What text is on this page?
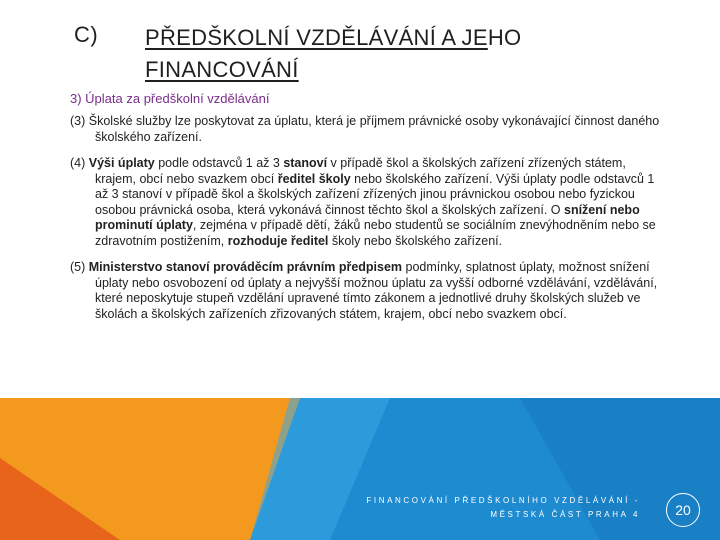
C) PŘEDŠKOLNÍ VZDĚLÁVÁNÍ A JEHO
FINANCOVÁNÍ
3) Úplata za předškolní vzdělávání

(3) Školské služby lze poskytovat za úplatu, která je příjmem právnické osoby vykonávající činnost daného školského zařízení.

(4) Výši úplaty podle odstavců 1 až 3 stanoví v případě škol a školských zařízení zřízených státem, krajem, obcí nebo svazkem obcí ředitel školy nebo školského zařízení. Výši úplaty podle odstavců 1 až 3 stanoví v případě škol a školských zařízení zřízených jinou právnickou osobou nebo fyzickou osobou právnická osoba, která vykonává činnost těchto škol a školských zařízení. O snížení nebo prominutí úplaty, zejména v případě dětí, žáků nebo studentů se sociálním znevýhodněním nebo se zdravotním postižením, rozhoduje ředitel školy nebo školského zařízení.

(5) Ministerstvo stanoví prováděcím právním předpisem podmínky, splatnost úplaty, možnost snížení úplaty nebo osvobození od úplaty a nejvyšší možnou úplatu za vyšší odborné vzdělávání, vzdělávání, které neposkytuje stupeň vzdělání upravené tímto zákonem a jednotlivé druhy školských služeb ve školách a školských zařízeních zřizovaných státem, krajem, obcí nebo svazkem obcí.

FINANCOVÁNÍ PŘEDŠKOLNÍHO VZDĚLÁVÁNÍ -
MĚSTSKÁ ČÁST PRAHA 4	20
